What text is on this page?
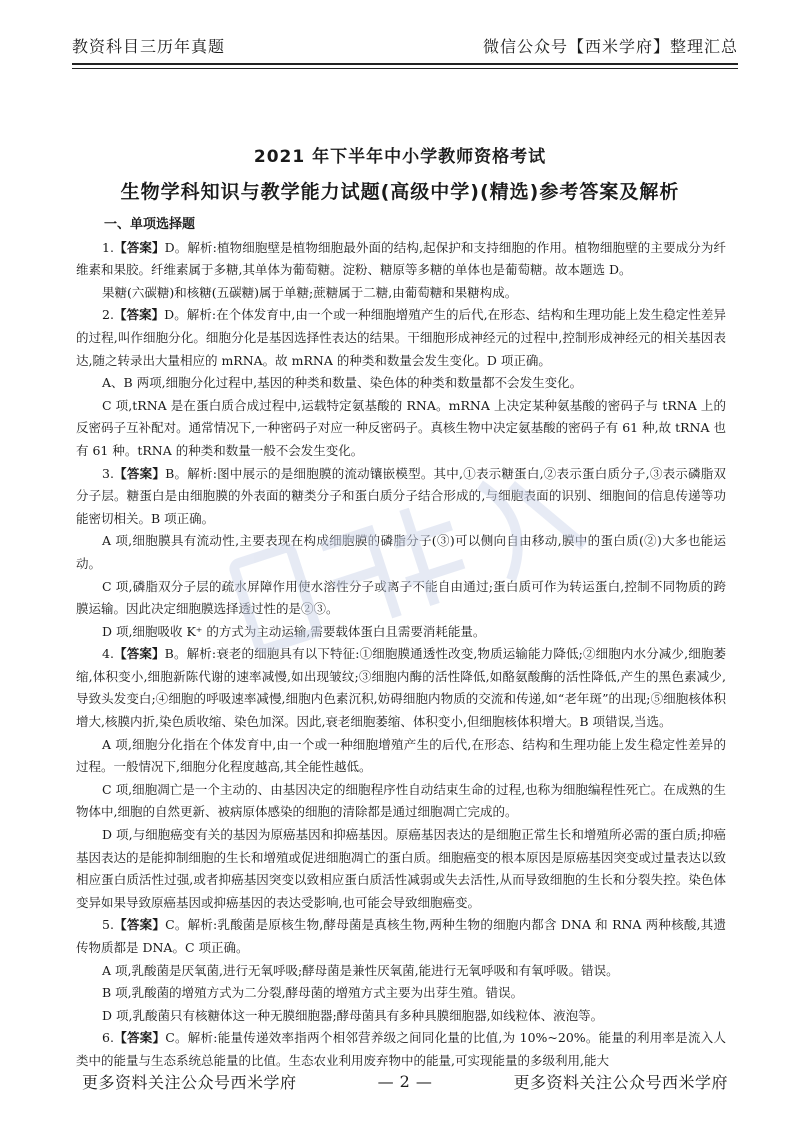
教资科目三历年真题	微信公众号【西米学府】整理汇总

2021 年下半年中小学教师资格考试

生物学科知识与教学能力试题(高级中学)(精选)参考答案及解析

一、单项选择题

1.【答案】D。解析:植物细胞壁是植物细胞最外面的结构,起保护和支持细胞的作用。植物细胞壁的主要成分为纤维素和果胶。纤维素属于多糖,其单体为葡萄糖。淀粉、糖原等多糖的单体也是葡萄糖。故本题选 D。

果糖(六碳糖)和核糖(五碳糖)属于单糖;蔗糖属于二糖,由葡萄糖和果糖构成。

2.【答案】D。解析:在个体发育中,由一个或一种细胞增殖产生的后代,在形态、结构和生理功能上发生稳定性差异的过程,叫作细胞分化。细胞分化是基因选择性表达的结果。干细胞形成神经元的过程中,控制形成神经元的相关基因表达,随之转录出大量相应的 mRNA。故 mRNA 的种类和数量会发生变化。D 项正确。

A、B 两项,细胞分化过程中,基因的种类和数量、染色体的种类和数量都不会发生变化。

C 项,tRNA 是在蛋白质合成过程中,运载特定氨基酸的 RNA。mRNA 上决定某种氨基酸的密码子与 tRNA 上的反密码子互补配对。通常情况下,一种密码子对应一种反密码子。真核生物中决定氨基酸的密码子有 61 种,故 tRNA 也有 61 种。tRNA 的种类和数量一般不会发生变化。

3.【答案】B。解析:图中展示的是细胞膜的流动镶嵌模型。其中,①表示糖蛋白,②表示蛋白质分子,③表示磷脂双分子层。糖蛋白是由细胞膜的外表面的糖类分子和蛋白质分子结合形成的,与细胞表面的识别、细胞间的信息传递等功能密切相关。B 项正确。

A 项,细胞膜具有流动性,主要表现在构成细胞膜的磷脂分子(③)可以侧向自由移动,膜中的蛋白质(②)大多也能运动。

C 项,磷脂双分子层的疏水屏障作用使水溶性分子或离子不能自由通过;蛋白质可作为转运蛋白,控制不同物质的跨膜运输。因此决定细胞膜选择透过性的是②③。

D 项,细胞吸收 K⁺ 的方式为主动运输,需要载体蛋白且需要消耗能量。

4.【答案】B。解析:衰老的细胞具有以下特征:①细胞膜通透性改变,物质运输能力降低;②细胞内水分减少,细胞萎缩,体积变小,细胞新陈代谢的速率减慢,如出现皱纹;③细胞内酶的活性降低,如酪氨酸酶的活性降低,产生的黑色素减少,导致头发变白;④细胞的呼吸速率减慢,细胞内色素沉积,妨碍细胞内物质的交流和传递,如“老年斑”的出现;⑤细胞核体积增大,核膜内折,染色质收缩、染色加深。因此,衰老细胞萎缩、体积变小,但细胞核体积增大。B 项错误,当选。

A 项,细胞分化指在个体发育中,由一个或一种细胞增殖产生的后代,在形态、结构和生理功能上发生稳定性差异的过程。一般情况下,细胞分化程度越高,其全能性越低。

C 项,细胞凋亡是一个主动的、由基因决定的细胞程序性自动结束生命的过程,也称为细胞编程性死亡。在成熟的生物体中,细胞的自然更新、被病原体感染的细胞的清除都是通过细胞凋亡完成的。

D 项,与细胞癌变有关的基因为原癌基因和抑癌基因。原癌基因表达的是细胞正常生长和增殖所必需的蛋白质;抑癌基因表达的是能抑制细胞的生长和增殖或促进细胞凋亡的蛋白质。细胞癌变的根本原因是原癌基因突变或过量表达以致相应蛋白质活性过强,或者抑癌基因突变以致相应蛋白质活性减弱或失去活性,从而导致细胞的生长和分裂失控。染色体变异如果导致原癌基因或抑癌基因的表达受影响,也可能会导致细胞癌变。

5.【答案】C。解析:乳酸菌是原核生物,酵母菌是真核生物,两种生物的细胞内都含 DNA 和 RNA 两种核酸,其遗传物质都是 DNA。C 项正确。

A 项,乳酸菌是厌氧菌,进行无氧呼吸;酵母菌是兼性厌氧菌,能进行无氧呼吸和有氧呼吸。错误。

B 项,乳酸菌的增殖方式为二分裂,酵母菌的增殖方式主要为出芽生殖。错误。

D 项,乳酸菌只有核糖体这一种无膜细胞器;酵母菌具有多种具膜细胞器,如线粒体、液泡等。

6.【答案】C。解析:能量传递效率指两个相邻营养级之间同化量的比值,为 10%~20%。能量的利用率是流入人类中的能量与生态系统总能量的比值。生态农业利用废弃物中的能量,可实现能量的多级利用,能大

更多资料关注公众号西米学府	— 2 —	更多资料关注公众号西米学府
